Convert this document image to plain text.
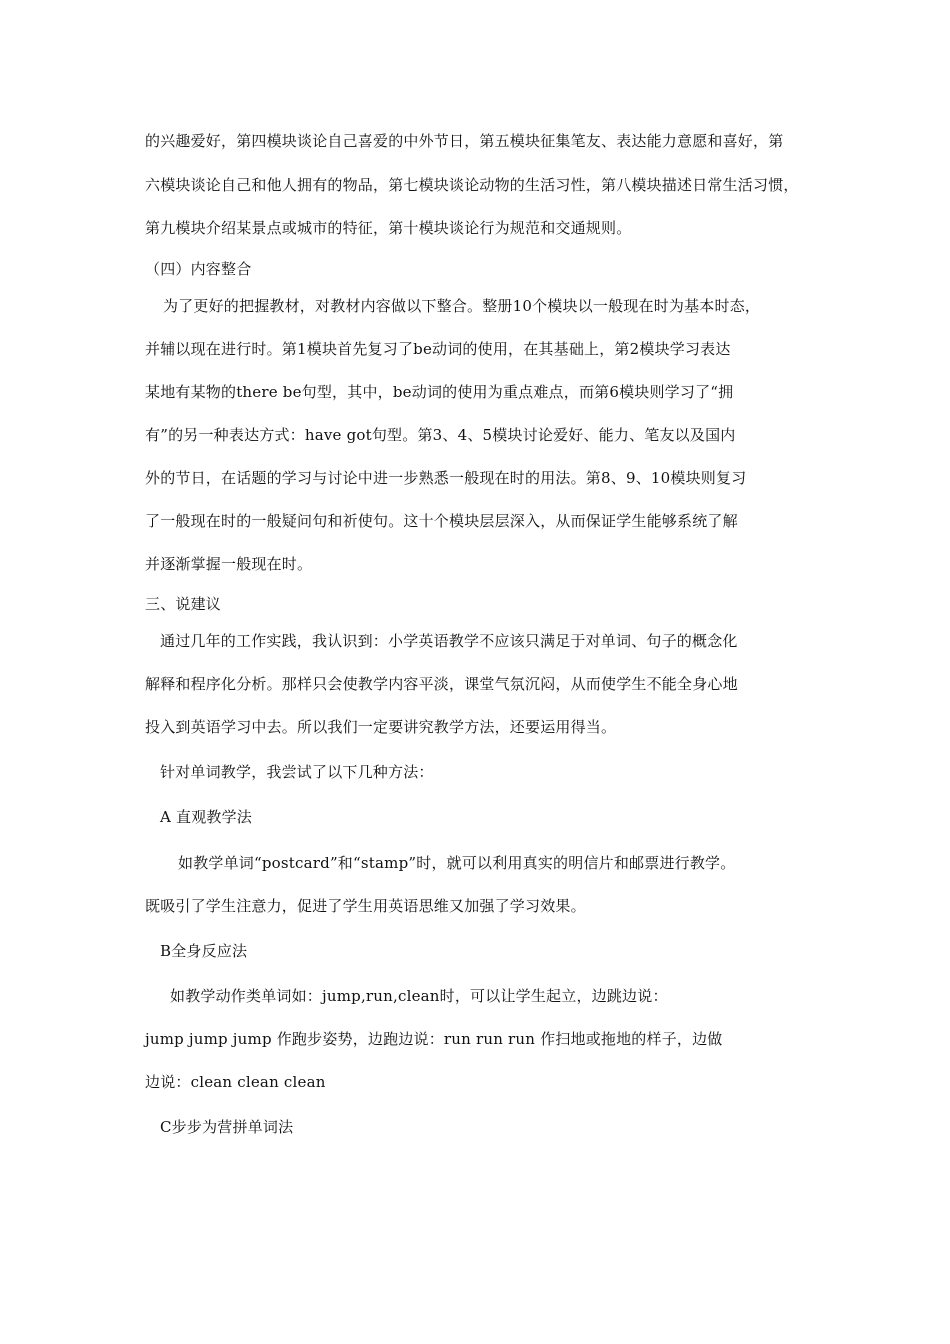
的兴趣爱好，第四模块谈论自己喜爱的中外节日，第五模块征集笔友、表达能力意愿和喜好，第
六模块谈论自己和他人拥有的物品，第七模块谈论动物的生活习性，第八模块描述日常生活习惯，
第九模块介绍某景点或城市的特征，第十模块谈论行为规范和交通规则。
（四）内容整合
为了更好的把握教材，对教材内容做以下整合。整册10个模块以一般现在时为基本时态，
并辅以现在进行时。第1模块首先复习了be动词的使用，在其基础上，第2模块学习表达
某地有某物的there be句型，其中，be动词的使用为重点难点，而第6模块则学习了“拥
有”的另一种表达方式：have got句型。第3、4、5模块讨论爱好、能力、笔友以及国内
外的节日，在话题的学习与讨论中进一步熟悉一般现在时的用法。第8、9、10模块则复习
了一般现在时的一般疑问句和祈使句。这十个模块层层深入，从而保证学生能够系统了解
并逐渐掌握一般现在时。
三、说建议
通过几年的工作实践，我认识到：小学英语教学不应该只满足于对单词、句子的概念化
解释和程序化分析。那样只会使教学内容平淡，课堂气氛沉闷，从而使学生不能全身心地
投入到英语学习中去。所以我们一定要讲究教学方法，还要运用得当。
针对单词教学，我尝试了以下几种方法：
A 直观教学法
如教学单词“postcard”和“stamp”时，就可以利用真实的明信片和邮票进行教学。
既吸引了学生注意力，促进了学生用英语思维又加强了学习效果。
B全身反应法
如教学动作类单词如：jump,run,clean时，可以让学生起立，边跳边说：
jump jump jump 作跑步姿势，边跑边说：run run run 作扫地或拖地的样子，边做
边说：clean clean clean
C步步为营拼单词法
